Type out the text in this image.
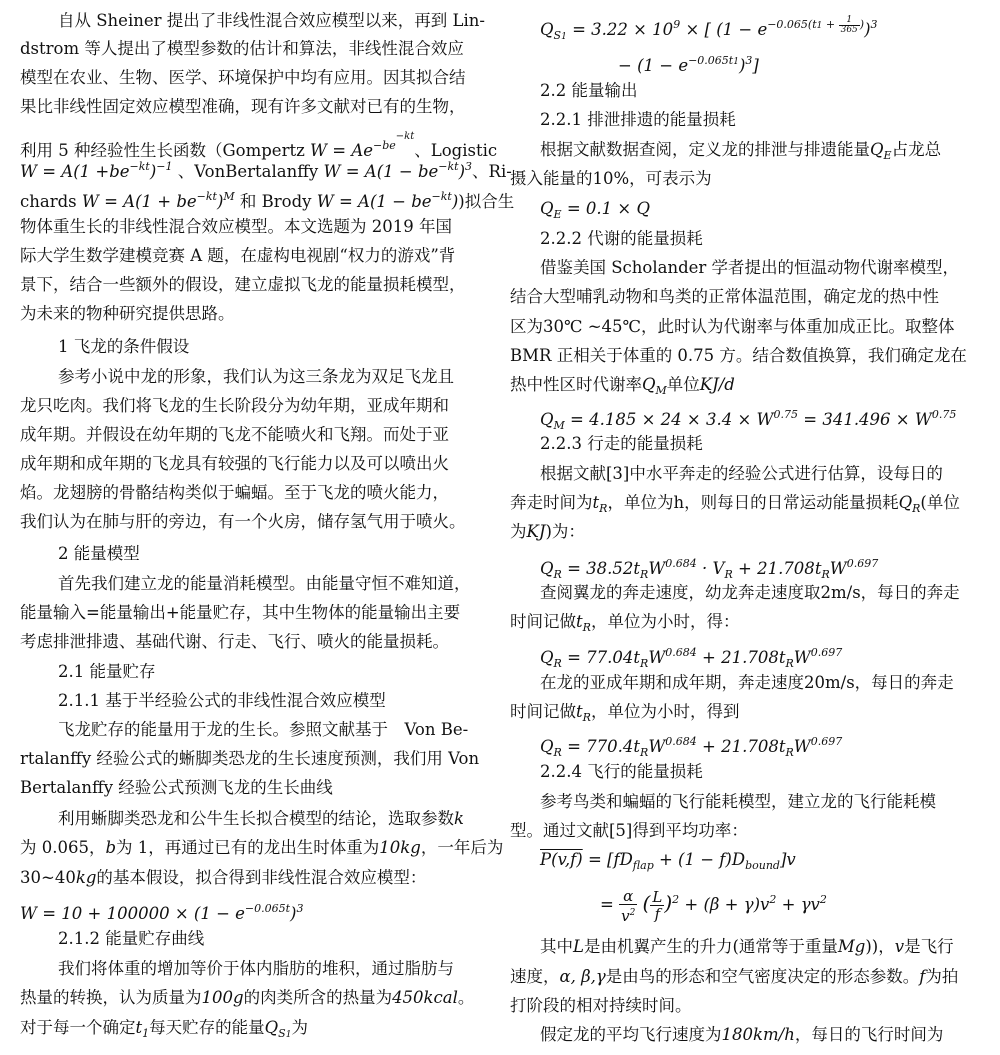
自从 Sheiner 提出了非线性混合效应模型以来，再到 Lin-
dstrom 等人提出了模型参数的估计和算法，非线性混合效应
模型在农业、生物、医学、环境保护中均有应用。因其拟合结
果比非线性固定效应模型准确，现有许多文献对已有的生物，
利用 5 种经验性生长函数（Gompertz $W = Ae^{-be-kt}$、Logistic
$W = A(1 +be^{-kt})^{-1}$ 、VonBertalanffy $W = A(1 - be^{-kt})^3$、Ri-
chards $W = A(1 + be^{-kt})^M$ 和 Brody $W = A(1 - be^{-kt})$)拟合生
物体重生长的非线性混合效应模型。本文选题为 2019 年国
际大学生数学建模竞赛 A 题，在虚构电视剧“权力的游戏”背
景下，结合一些额外的假设，建立虚拟飞龙的能量损耗模型，
为未来的物种研究提供思路。
1 飞龙的条件假设
参考小说中龙的形象，我们认为这三条龙为双足飞龙且
龙只吃肉。我们将飞龙的生长阶段分为幼年期，亚成年期和
成年期。并假设在幼年期的飞龙不能喷火和飞翔。而处于亚
成年期和成年期的飞龙具有较强的飞行能力以及可以喷出火
焰。龙翅膀的骨骼结构类似于蝙蝠。至于飞龙的喷火能力，
我们认为在肺与肝的旁边，有一个火房，储存氢气用于喷火。
2 能量模型
首先我们建立龙的能量消耗模型。由能量守恒不难知道，
能量输入=能量输出+能量贮存，其中生物体的能量输出主要
考虑排泄排遗、基础代谢、行走、飞行、喷火的能量损耗。
2.1 能量贮存
2.1.1 基于半经验公式的非线性混合效应模型
飞龙贮存的能量用于龙的生长。参照文献基于　Von Be-
rtalanffy 经验公式的蜥脚类恐龙的生长速度预测，我们用 Von
Bertalanffy 经验公式预测飞龙的生长曲线
利用蜥脚类恐龙和公牛生长拟合模型的结论，选取参数k
为 0.065，b为 1，再通过已有的龙出生时体重为10kg，一年后为
30~40kg的基本假设，拟合得到非线性混合效应模型：
$W = 10 + 100000 \times (1 - e^{-0.065t})^3$
2.1.2 能量贮存曲线
我们将体重的增加等价于体内脂肪的堆积，通过脂肪与
热量的转换，认为质量为100g的肉类所含的热量为450kcal。
对于每一个确定$t_1$每天贮存的能量$Q_{S1}$为
$Q_{S1} = 3.22 \times 10^9$ × [ $(1 - e^{-0.065(t1 + \frac{1}{365} )})^3$
− $(1 - e^{-0.065t1})^3$]
2.2 能量输出
2.2.1 排泄排遗的能量损耗
根据文献数据查阅，定义龙的排泄与排遗能量$Q_E$占龙总
摄入能量的10%，可表示为
$Q_E = 0.1 \times Q$
2.2.2 代谢的能量损耗
借鉴美国 Scholander 学者提出的恒温动物代谢率模型，
结合大型哺乳动物和鸟类的正常体温范围，确定龙的热中性
区为30℃ ~45℃，此时认为代谢率与体重加成正比。取整体
BMR 正相关于体重的 0.75 方。结合数值换算，我们确定龙在
热中性区时代谢率$Q_M$单位KJ/d
$Q_M = 4.185 \times 24 \times 3.4 \times W^{0.75} = 341.496 \times W^{0.75}$
2.2.3 行走的能量损耗
根据文献[3]中水平奔走的经验公式进行估算，设每日的
奔走时间为$t_R$，单位为h，则每日的日常运动能量损耗$Q_R$(单位
为KJ)为：
$Q_R = 38.52t_RW^{0.684} \cdot V_R + 21.708t_RW^{0.697}$
查阅翼龙的奔走速度，幼龙奔走速度取2m/s，每日的奔走
时间记做$t_R$，单位为小时，得：
$Q_R = 77.04t_RW^{0.684} + 21.708t_RW^{0.697}$
在龙的亚成年期和成年期，奔走速度20m/s，每日的奔走
时间记做$t_R$，单位为小时，得到
$Q_R = 770.4t_RW^{0.684} + 21.708t_RW^{0.697}$
2.2.4 飞行的能量损耗
参考鸟类和蝙蝠的飞行能耗模型，建立龙的飞行能耗模
型。通过文献[5]得到平均功率：
$P(v,f) = [fD_{flap} + (1 - f)D_{bound}]v$
= $\frac{\alpha}{v^2}$ ( $\frac{L}{f} )^2 + (\beta + \gamma)v^2 + \gamma v^2$
其中L是由机翼产生的升力(通常等于重量Mg))，v是飞行
速度，α, β,γ是由鸟的形态和空气密度决定的形态参数。f为拍
打阶段的相对持续时间。
假定龙的平均飞行速度为180km/h，每日的飞行时间为
